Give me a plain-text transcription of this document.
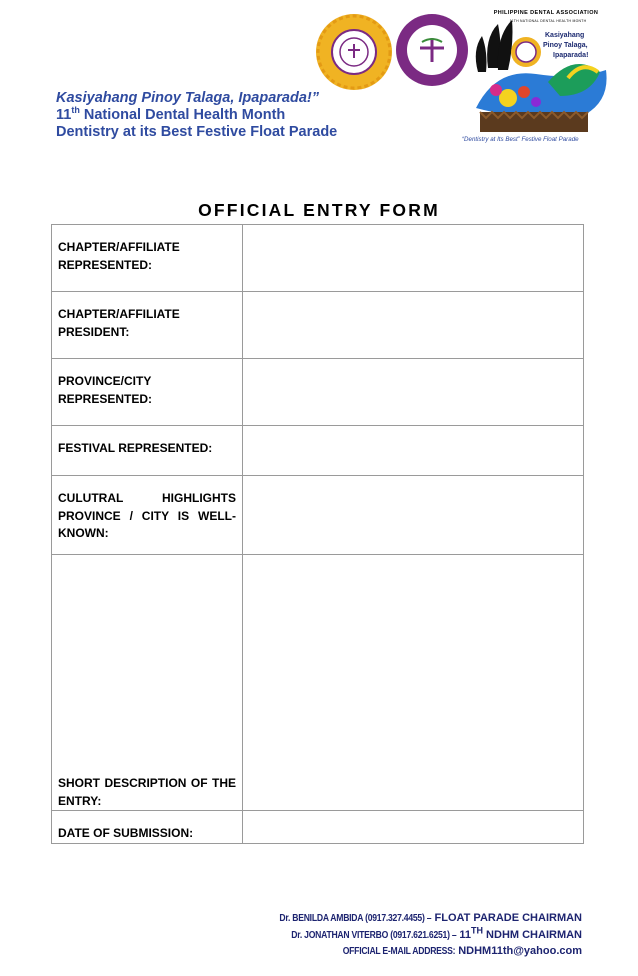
Kasiyahang Pinoy Talaga, Ipaparada!”
11th National Dental Health Month
Dentistry at its Best Festive Float Parade
PHILIPPINE DENTAL ASSOCIATION
11TH NATIONAL DENTAL HEALTH MONTH
Kasiyahang
Pinoy Talaga,
Ipaparada!
“Dentistry at Its Best” Festive Float Parade
OFFICIAL ENTRY FORM
CHAPTER/AFFILIATE REPRESENTED:	

CHAPTER/AFFILIATE PRESIDENT:	

PROVINCE/CITY REPRESENTED:	

FESTIVAL REPRESENTED:	

CULUTRAL HIGHLIGHTS PROVINCE / CITY IS WELL-KNOWN:	

SHORT DESCRIPTION OF THE ENTRY:	

DATE OF SUBMISSION:	

Dr. BENILDA AMBIDA (0917.327.4455) – FLOAT PARADE CHAIRMAN
Dr. JONATHAN VITERBO (0917.621.6251) – 11TH NDHM CHAIRMAN
OFFICIAL E-MAIL ADDRESS: NDHM11th@yahoo.com
